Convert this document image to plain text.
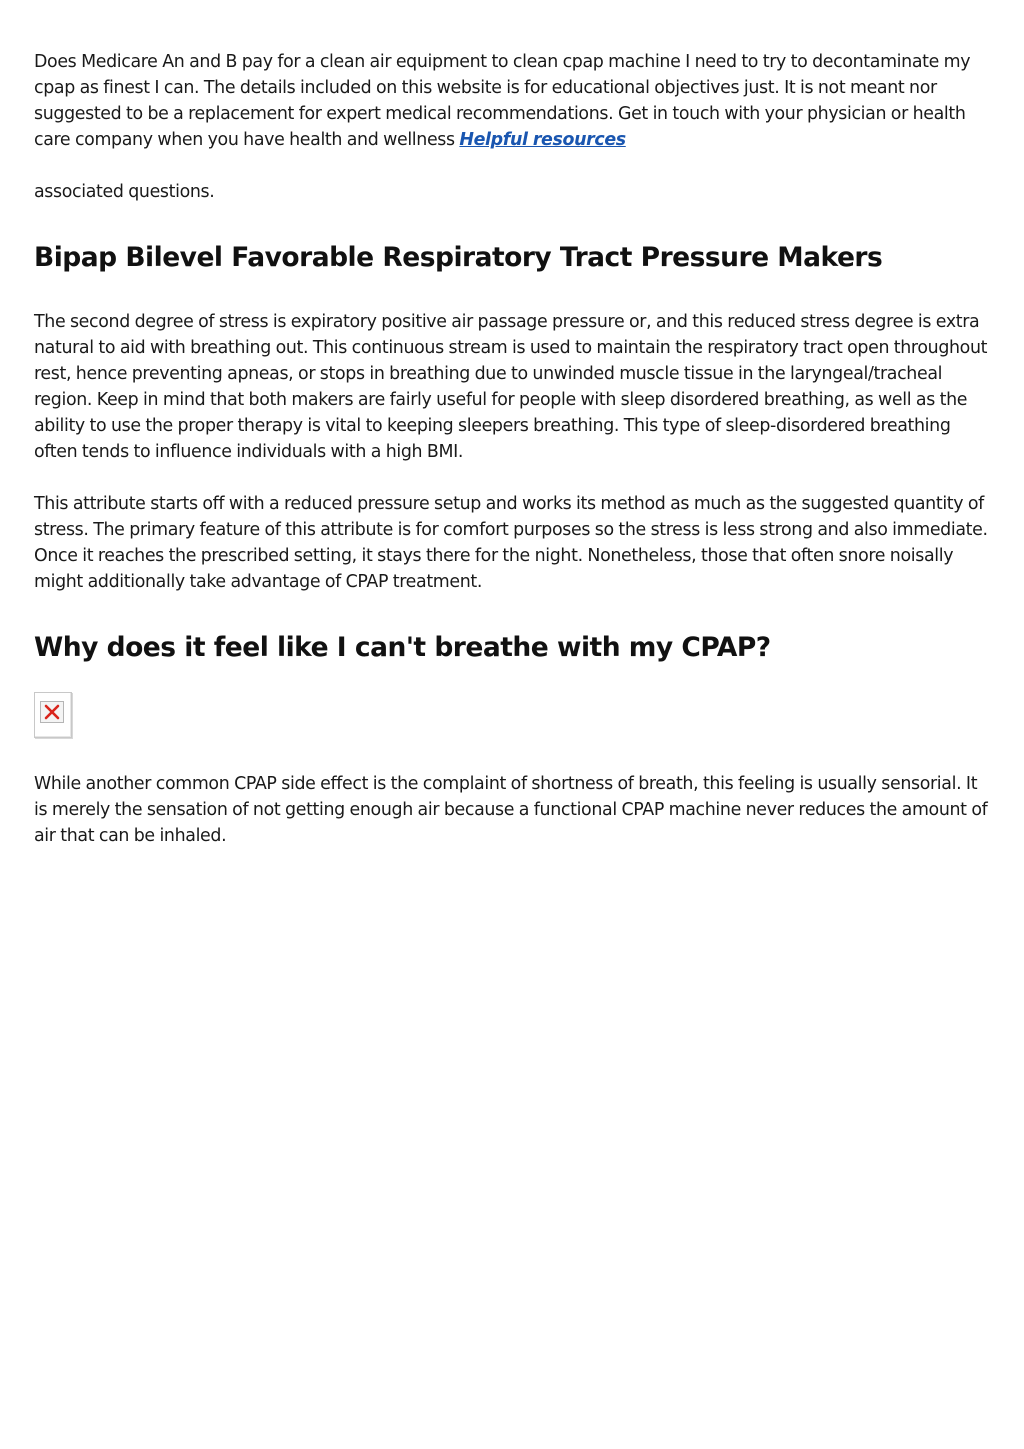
Does Medicare An and B pay for a clean air equipment to clean cpap machine I need to try to decontaminate my cpap as finest I can. The details included on this website is for educational objectives just. It is not meant nor suggested to be a replacement for expert medical recommendations. Get in touch with your physician or health care company when you have health and wellness Helpful resources

associated questions.

Bipap Bilevel Favorable Respiratory Tract Pressure Makers

The second degree of stress is expiratory positive air passage pressure or, and this reduced stress degree is extra natural to aid with breathing out. This continuous stream is used to maintain the respiratory tract open throughout rest, hence preventing apneas, or stops in breathing due to unwinded muscle tissue in the laryngeal/tracheal region. Keep in mind that both makers are fairly useful for people with sleep disordered breathing, as well as the ability to use the proper therapy is vital to keeping sleepers breathing. This type of sleep-disordered breathing often tends to influence individuals with a high BMI.

This attribute starts off with a reduced pressure setup and works its method as much as the suggested quantity of stress. The primary feature of this attribute is for comfort purposes so the stress is less strong and also immediate. Once it reaches the prescribed setting, it stays there for the night. Nonetheless, those that often snore noisally might additionally take advantage of CPAP treatment.

Why does it feel like I can't breathe with my CPAP?

While another common CPAP side effect is the complaint of shortness of breath, this feeling is usually sensorial. It is merely the sensation of not getting enough air because a functional CPAP machine never reduces the amount of air that can be inhaled.
